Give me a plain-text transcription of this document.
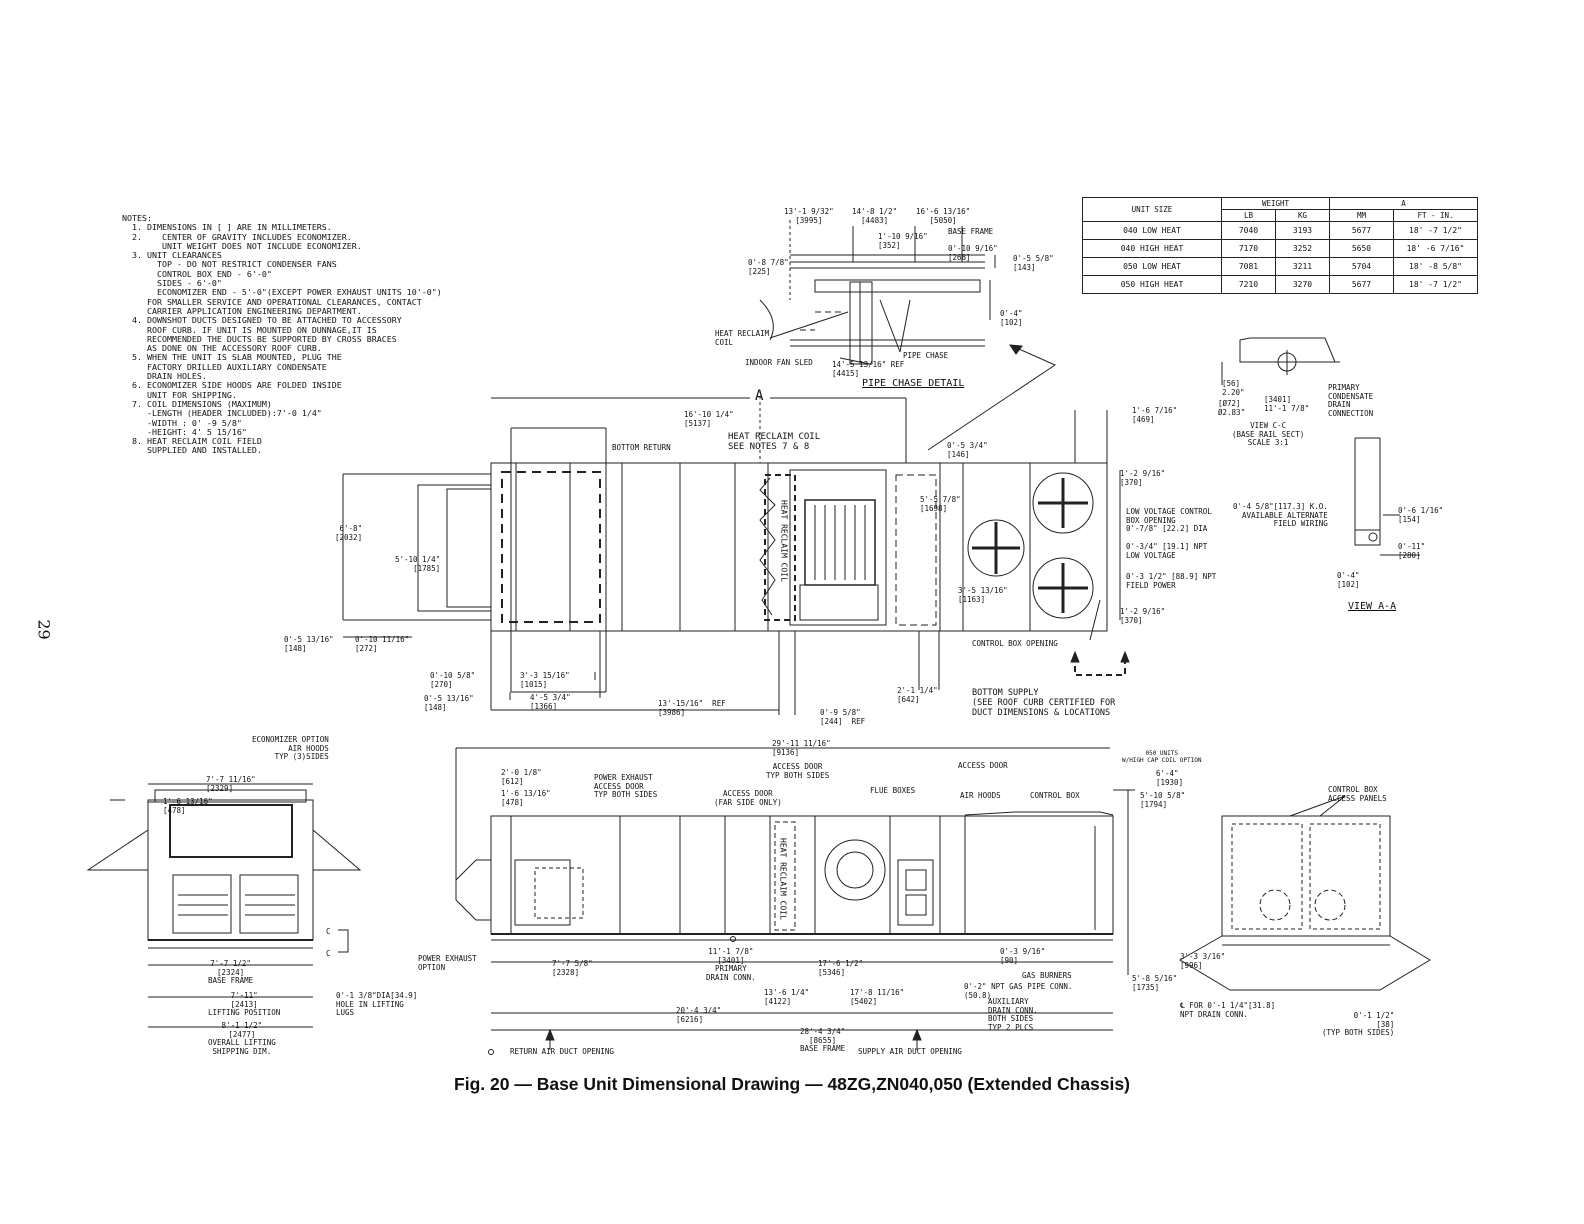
29
NOTES:
1. DIMENSIONS IN [ ] ARE IN MILLIMETERS.
2.    CENTER OF GRAVITY INCLUDES ECONOMIZER.
UNIT WEIGHT DOES NOT INCLUDE ECONOMIZER.
3. UNIT CLEARANCES
TOP - DO NOT RESTRICT CONDENSER FANS
CONTROL BOX END - 6'-0"
SIDES - 6'-0"
ECONOMIZER END - 5'-0"(EXCEPT POWER EXHAUST UNITS 10'-0")
FOR SMALLER SERVICE AND OPERATIONAL CLEARANCES, CONTACT
CARRIER APPLICATION ENGINEERING DEPARTMENT.
4. DOWNSHOT DUCTS DESIGNED TO BE ATTACHED TO ACCESSORY
ROOF CURB. IF UNIT IS MOUNTED ON DUNNAGE,IT IS
RECOMMENDED THE DUCTS BE SUPPORTED BY CROSS BRACES
AS DONE ON THE ACCESSORY ROOF CURB.
5. WHEN THE UNIT IS SLAB MOUNTED, PLUG THE
FACTORY DRILLED AUXILIARY CONDENSATE
DRAIN HOLES.
6. ECONOMIZER SIDE HOODS ARE FOLDED INSIDE
UNIT FOR SHIPPING.
7. COIL DIMENSIONS (MAXIMUM)
-LENGTH (HEADER INCLUDED):7'-0 1/4"
-WIDTH : 0' -9 5/8"
-HEIGHT: 4' 5 15/16"
8. HEAT RECLAIM COIL FIELD
SUPPLIED AND INSTALLED.
UNIT SIZE	WEIGHT		A	
	LB	KG	MM	FT - IN.
040 LOW HEAT	7040	3193	5677	18' -7 1/2"
040 HIGH HEAT	7170	3252	5650	18' -6 7/16"
050 LOW HEAT	7081	3211	5704	18' -8 5/8"
050 HIGH HEAT	7210	3270	5677	18' -7 1/2"
13'-1 9/32"
[3995]
14'-8 1/2"
[4483]
16'-6 13/16"
[5050]
BASE FRAME
1'-10 9/16"
[352]	0'-10 9/16"
[268]	0'-5 5/8"
[143]
0'-8 7/8"
[225]
0'-4"
[102]
HEAT RECLAIM
COIL
INDOOR FAN SLED
PIPE CHASE
14'-5 13/16" REF
[4415]
PIPE CHASE DETAIL	[56]
2.20"
[3401]
11'-1 7/8"
[Ø72]
Ø2.83"
PRIMARY
CONDENSATE
DRAIN
CONNECTION
VIEW C-C
(BASE RAIL SECT)
SCALE 3:1
0'-4 5/8"[117.3] K.O.
AVAILABLE ALTERNATE
FIELD WIRING
0'-6 1/16"
[154]
0'-11"
[280]
0'-4"
[102]
VIEW A-A
A
16'-10 1/4"
[5137]
BOTTOM RETURN
HEAT RECLAIM COIL
SEE NOTES 7 & 8
HEAT RECLAIM COIL
0'-5 3/4"
[146]
1'-6 7/16"
[469]
1'-2 9/16"
[370]
5'-5 7/8"
[1698]	LOW VOLTAGE CONTROL
BOX OPENING
0'-7/8" [22.2] DIA
0'-3/4" [19.1] NPT
LOW VOLTAGE
3'-5 13/16"
[1163]
0'-3 1/2" [88.9] NPT
FIELD POWER
1'-2 9/16"
[370]
CONTROL BOX OPENING
6'-8"
[2032]
5'-10 1/4"
[1785]
0'-5 13/16"
[148]
0'-10 11/16"
[272]
0'-10 5/8"
[270]
3'-3 15/16"
[1015]
0'-5 13/16"
[148]
4'-5 3/4"
[1366]	13'-15/16"  REF
[3986]	0'-9 5/8"
[244]  REF
2'-1 1/4"
[642]
BOTTOM SUPPLY
(SEE ROOF CURB CERTIFIED FOR
DUCT DIMENSIONS & LOCATIONS
ECONOMIZER OPTION
AIR HOODS
TYP (3)SIDES
7'-7 11/16"
[2329]
1'-6 13/16"
[478]
C
C
7'-7 1/2"
[2324]
BASE FRAME
7'-11"
[2413]
LIFTING POSITION
0'-1 3/8"DIA[34.9]
HOLE IN LIFTING
LUGS
8'-1 1/2"
[2477]
OVERALL LIFTING
SHIPPING DIM.
29'-11 11/16"
[9136]
2'-0 1/8"
[612]
1'-6 13/16"
[478]
POWER EXHAUST
ACCESS DOOR
TYP BOTH SIDES
ACCESS DOOR
TYP BOTH SIDES
ACCESS DOOR
(FAR SIDE ONLY)
FLUE BOXES
ACCESS DOOR
AIR HOODS	CONTROL BOX
050 UNITS
W/HIGH CAP COIL OPTION
6'-4"
[1930]
5'-10 5/8"
[1794]
HEAT RECLAIM COIL
POWER EXHAUST
OPTION	7'-7 5/8"
[2328]
11'-1 7/8"
[3401]
PRIMARY
DRAIN CONN.
17'-6 1/2"
[5346]
0'-3 9/16"
[90]
GAS BURNERS
0'-2" NPT GAS PIPE CONN.
(50.8)
AUXILIARY
DRAIN CONN.
BOTH SIDES
TYP 2 PLCS
13'-6 1/4"
[4122]
17'-8 11/16"
[5402]
20'-4 3/4"
[6216]
28'-4 3/4"
[8655]
BASE FRAME
RETURN AIR DUCT OPENING	SUPPLY AIR DUCT OPENING
5'-8 5/16"
[1735]
CONTROL BOX
ACCESS PANELS
3'-3 3/16"
[996]
℄ FOR 0'-1 1/4"[31.8]
NPT DRAIN CONN.	0'-1 1/2"
[38]
(TYP BOTH SIDES)
Fig. 20 — Base Unit Dimensional Drawing — 48ZG,ZN040,050 (Extended Chassis)
